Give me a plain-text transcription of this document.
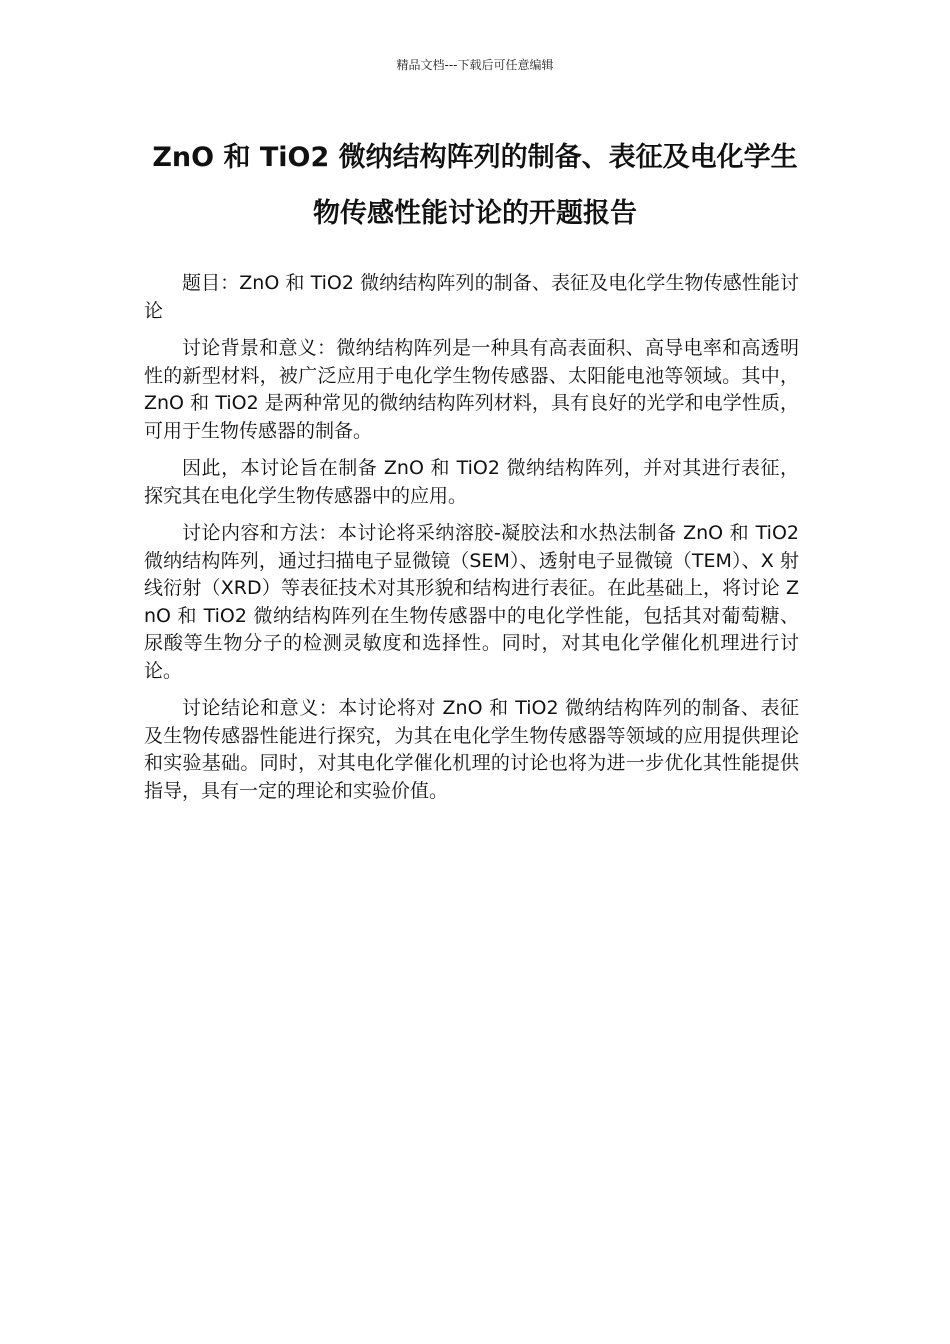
精品文档---下载后可任意编辑
ZnO 和 TiO2 微纳结构阵列的制备、表征及电化学生物传感性能讨论的开题报告

题目：ZnO 和 TiO2 微纳结构阵列的制备、表征及电化学生物传感性能讨论

讨论背景和意义：微纳结构阵列是一种具有高表面积、高导电率和高透明性的新型材料，被广泛应用于电化学生物传感器、太阳能电池等领域。其中，ZnO 和 TiO2 是两种常见的微纳结构阵列材料，具有良好的光学和电学性质，可用于生物传感器的制备。

因此，本讨论旨在制备 ZnO 和 TiO2 微纳结构阵列，并对其进行表征，探究其在电化学生物传感器中的应用。

讨论内容和方法：本讨论将采纳溶胶-凝胶法和水热法制备 ZnO 和 TiO2 微纳结构阵列，通过扫描电子显微镜（SEM）、透射电子显微镜（TEM）、X 射线衍射（XRD）等表征技术对其形貌和结构进行表征。在此基础上，将讨论 ZnO 和 TiO2 微纳结构阵列在生物传感器中的电化学性能，包括其对葡萄糖、尿酸等生物分子的检测灵敏度和选择性。同时，对其电化学催化机理进行讨论。

讨论结论和意义：本讨论将对 ZnO 和 TiO2 微纳结构阵列的制备、表征及生物传感器性能进行探究，为其在电化学生物传感器等领域的应用提供理论和实验基础。同时，对其电化学催化机理的讨论也将为进一步优化其性能提供指导，具有一定的理论和实验价值。
